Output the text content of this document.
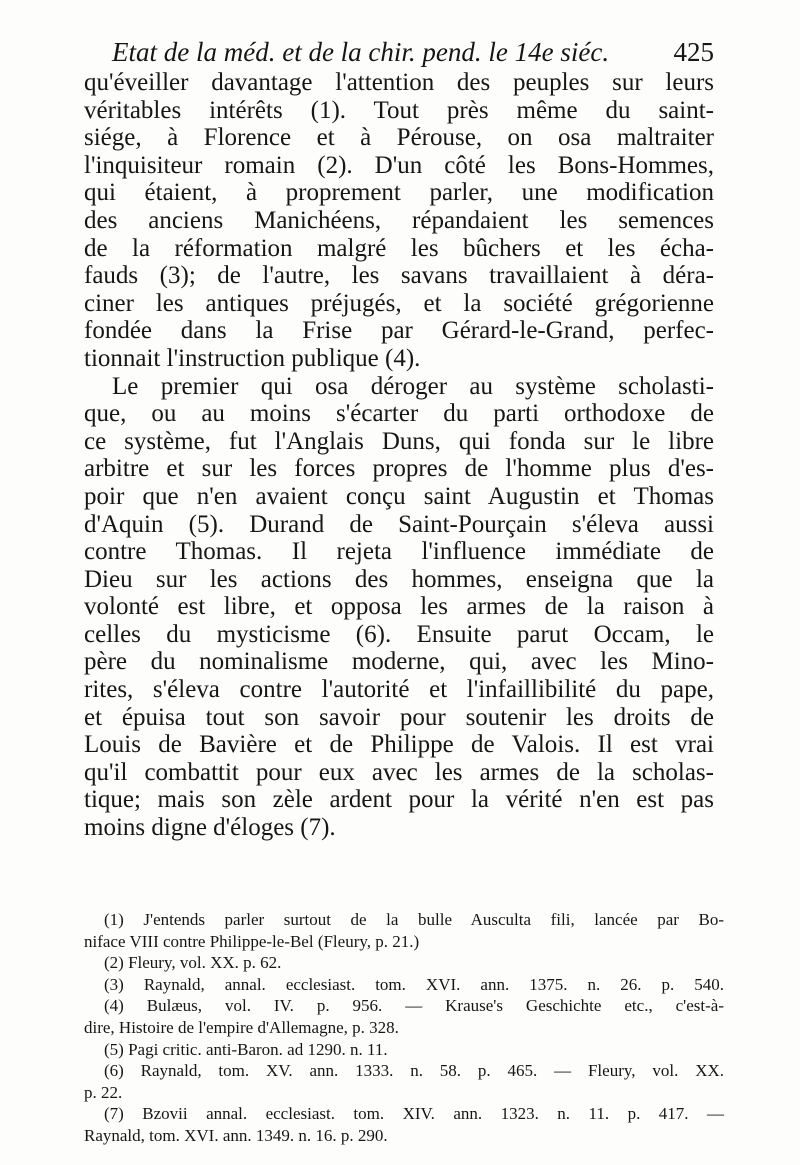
Etat de la méd. et de la chir. pend. le 14e siéc. 425
qu'éveiller davantage l'attention des peuples sur leurs
véritables intérêts (1). Tout près même du saint-
siége, à Florence et à Pérouse, on osa maltraiter
l'inquisiteur romain (2). D'un côté les Bons-Hommes,
qui étaient, à proprement parler, une modification
des anciens Manichéens, répandaient les semences
de la réformation malgré les bûchers et les écha-
fauds (3); de l'autre, les savans travaillaient à déra-
ciner les antiques préjugés, et la société grégorienne
fondée dans la Frise par Gérard-le-Grand, perfec-
tionnait l'instruction publique (4).
Le premier qui osa déroger au système scholasti-
que, ou au moins s'écarter du parti orthodoxe de
ce système, fut l'Anglais Duns, qui fonda sur le libre
arbitre et sur les forces propres de l'homme plus d'es-
poir que n'en avaient conçu saint Augustin et Thomas
d'Aquin (5). Durand de Saint-Pourçain s'éleva aussi
contre Thomas. Il rejeta l'influence immédiate de
Dieu sur les actions des hommes, enseigna que la
volonté est libre, et opposa les armes de la raison à
celles du mysticisme (6). Ensuite parut Occam, le
père du nominalisme moderne, qui, avec les Mino-
rites, s'éleva contre l'autorité et l'infaillibilité du pape,
et épuisa tout son savoir pour soutenir les droits de
Louis de Bavière et de Philippe de Valois. Il est vrai
qu'il combattit pour eux avec les armes de la scholas-
tique; mais son zèle ardent pour la vérité n'en est pas
moins digne d'éloges (7).
(1) J'entends parler surtout de la bulle Ausculta fili, lancée par Bo-
niface VIII contre Philippe-le-Bel (Fleury, p. 21.)
(2) Fleury, vol. XX. p. 62.
(3) Raynald, annal. ecclesiast. tom. XVI. ann. 1375. n. 26. p. 540.
(4) Bulæus, vol. IV. p. 956. — Krause's Geschichte etc., c'est-à-
dire, Histoire de l'empire d'Allemagne, p. 328.
(5) Pagi critic. anti-Baron. ad 1290. n. 11.
(6) Raynald, tom. XV. ann. 1333. n. 58. p. 465. — Fleury, vol. XX.
p. 22.
(7) Bzovii annal. ecclesiast. tom. XIV. ann. 1323. n. 11. p. 417. —
Raynald, tom. XVI. ann. 1349. n. 16. p. 290.
